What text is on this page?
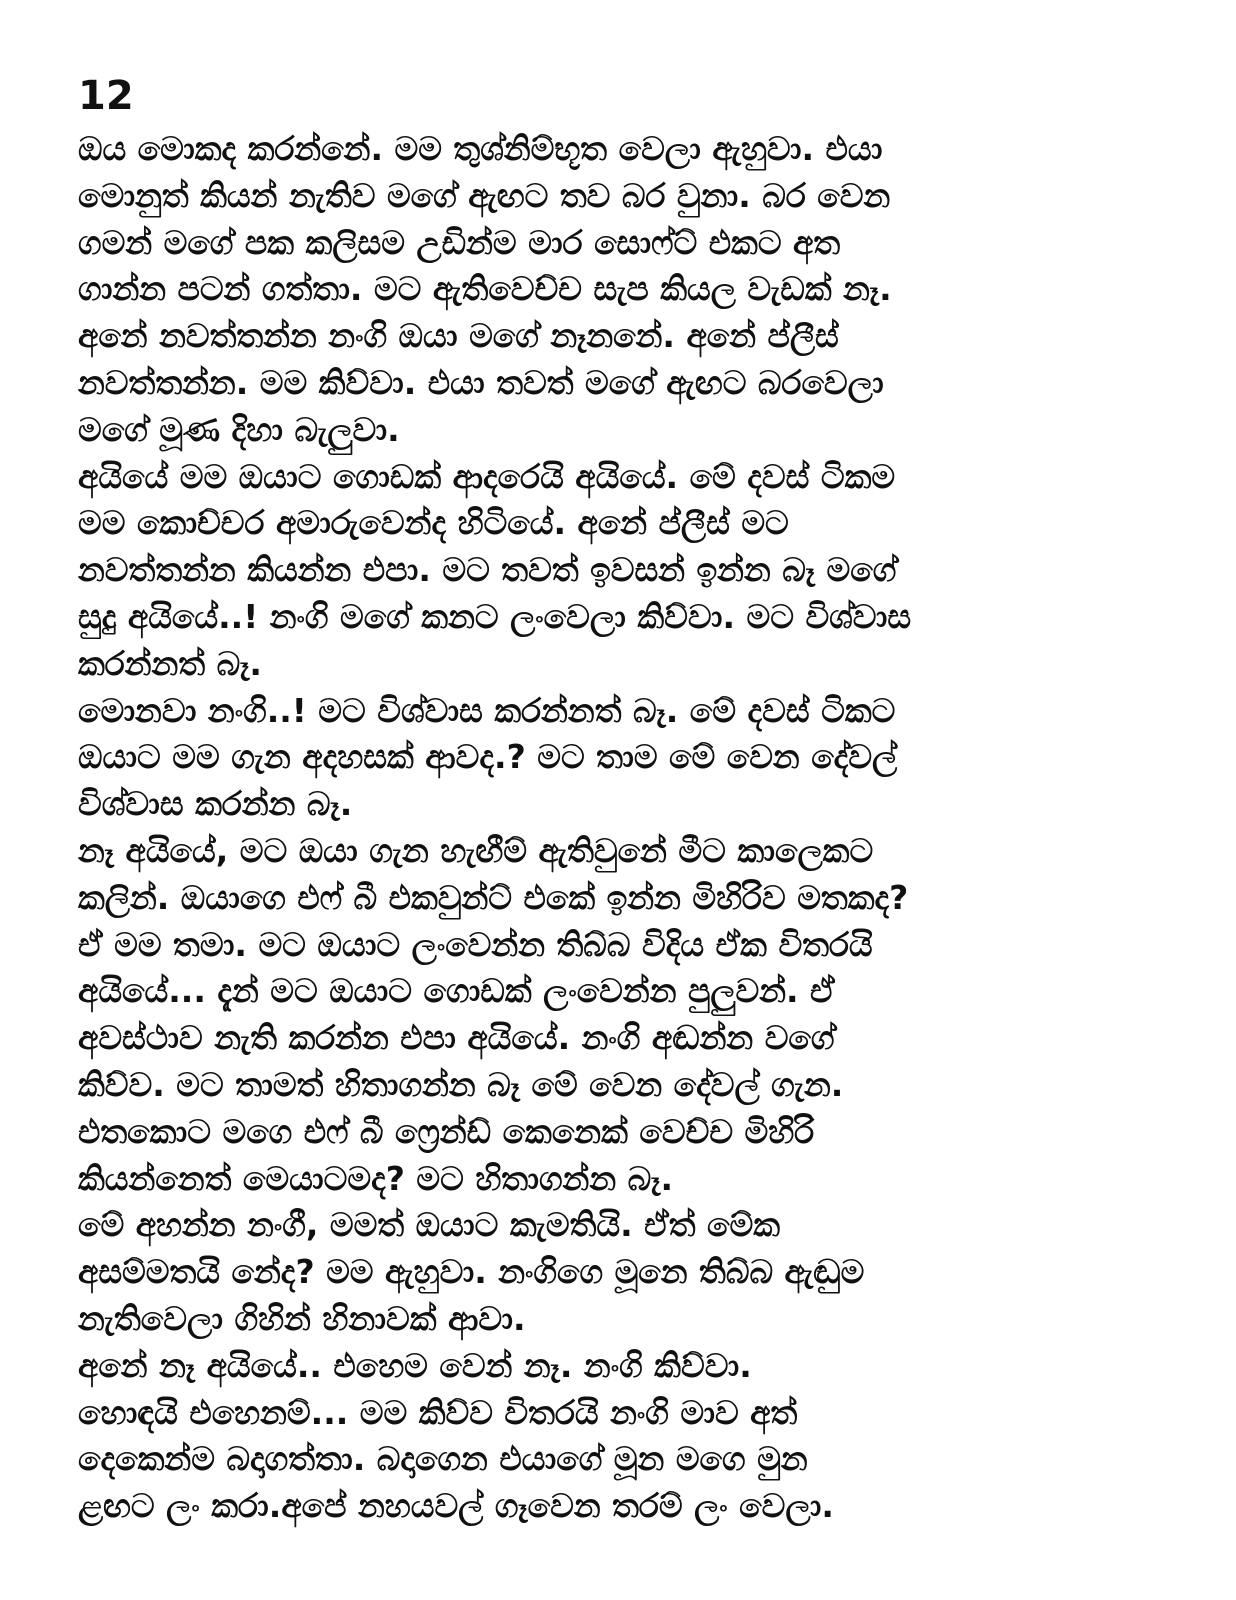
12

ඔය මොකද කරන්නේ. මම තුශ්නිම්භූත වෙලා ඇහුවා. එයා

මොනුත් කියන් නැතිව මගේ ඇඟට තව බර වුනා. බර වෙන

ගමන් මගේ පක කලිසම උඩින්ම මාර සොෆ්ට් එකට අත

ගාන්න පටන් ගත්තා. මට ඇතිවෙච්ච සැප කියල වැඩක් නෑ.

අනේ නවත්තන්න නංගි ඔයා මගේ නෑනනේ. අනේ ප්ලීස්

නවත්තන්න. මම කිව්වා. එයා තවත් මගේ ඇඟට බරවෙලා

මගේ මූණ දිහා බැලුවා.

අයියේ මම ඔයාට ගොඩක් ආදරෙයි අයියේ. මේ දවස් ටිකම

මම කොච්චර අමාරුවෙන්ද හිටියේ. අනේ ප්ලීස් මට

නවත්තන්න කියන්න එපා. මට තවත් ඉවසන් ඉන්න බෑ මගේ

සුදු අයියේ..! නංගි මගේ කනට ලංවෙලා කිව්වා. මට විශ්වාස

කරන්නත් බෑ.

මොනවා නංගි..! මට විශ්වාස කරන්නත් බෑ. මේ දවස් ටිකට

ඔයාට මම ගැන අදහසක් ආවද.? මට තාම මේ වෙන දේවල්

විශ්වාස කරන්න බෑ.

නෑ අයියේ, මට ඔයා ගැන හැඟීම් ඇතිවුනේ මීට කාලෙකට

කලින්. ඔයාගෙ එෆ් බී එකවුන්ට් එකේ ඉන්න මිහිරිව මතකද?

ඒ මම තමා. මට ඔයාට ලංවෙන්න තිබ්බ විදිය ඒක විතරයි

අයියේ... දැන් මට ඔයාට ගොඩක් ලංවෙන්න පුලුවන්. ඒ

අවස්ථාව නැති කරන්න එපා අයියේ. නංගි අඬන්න වගේ

කිව්ව. මට තාමත් හිතාගන්න බෑ මේ වෙන දේවල් ගැන.

එතකොට මගෙ එෆ් බී ෆ්‍රෙන්ඩ් කෙනෙක් වෙච්ච මිහිරි

කියන්නෙත් මෙයාටමද? මට හිතාගන්න බෑ.

මේ අහන්න නංගී, මමත් ඔයාට කැමතියි. ඒත් මේක

අසම්මතයි නේද? මම ඇහුවා. නංගිගෙ මූනෙ තිබ්බ ඇඬුම

නැතිවෙලා ගිහින් හිනාවක් ආවා.

අනේ නෑ අයියේ.. එහෙම වෙන් නෑ. නංගි කිව්වා.

හොඳයි එහෙනම්... මම කිව්ව විතරයි නංගි මාව අත්

දෙකෙන්ම බදාගත්තා. බදාගෙන එයාගේ මූන මගෙ මුන

ළඟට ලං කරා.අපේ නහයවල් ගෑවෙන තරම් ලං වෙලා.
